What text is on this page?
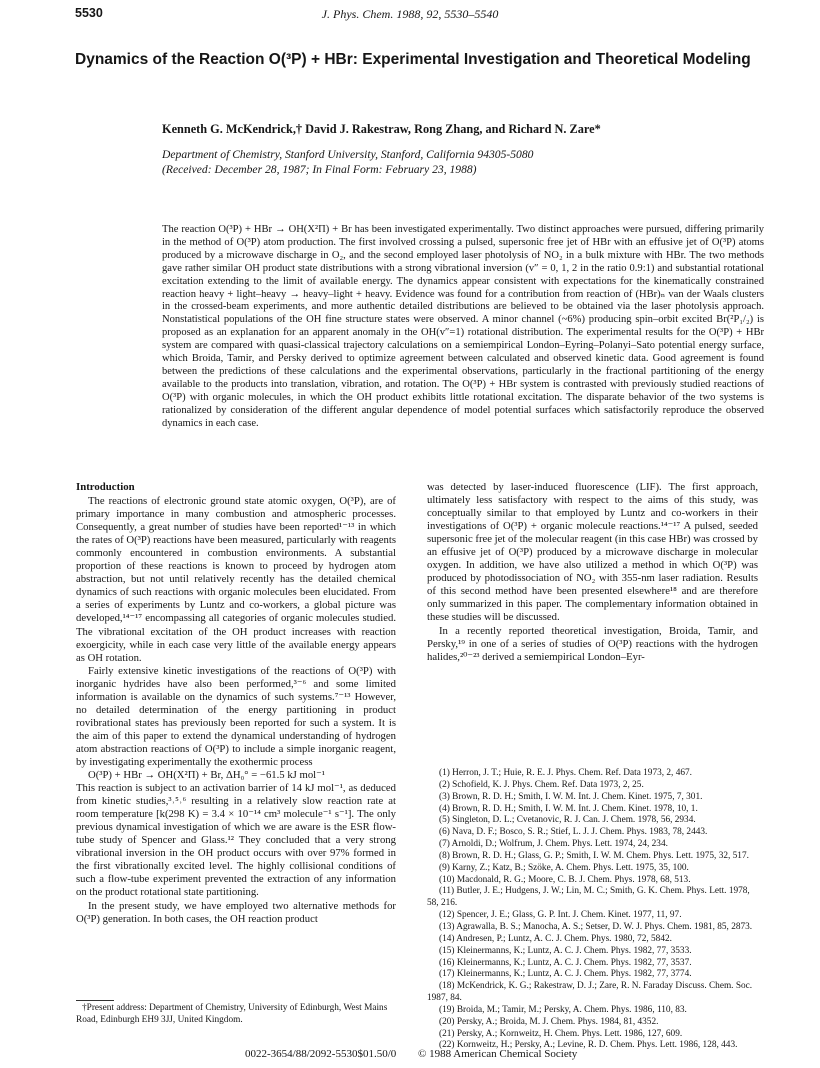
5530	J. Phys. Chem. 1988, 92, 5530–5540
Dynamics of the Reaction O(³P) + HBr: Experimental Investigation and Theoretical Modeling
Kenneth G. McKendrick,† David J. Rakestraw, Rong Zhang, and Richard N. Zare*
Department of Chemistry, Stanford University, Stanford, California 94305-5080
(Received: December 28, 1987; In Final Form: February 23, 1988)
The reaction O(³P) + HBr → OH(X²Π) + Br has been investigated experimentally. Two distinct approaches were pursued, differing primarily in the method of O(³P) atom production. The first involved crossing a pulsed, supersonic free jet of HBr with an effusive jet of O(³P) atoms produced by a microwave discharge in O₂, and the second employed laser photolysis of NO₂ in a bulk mixture with HBr. The two methods gave rather similar OH product state distributions with a strong vibrational inversion (v″ = 0, 1, 2 in the ratio 0.9:1) and substantial rotational excitation extending to the limit of available energy. The dynamics appear consistent with expectations for the kinematically constrained reaction heavy + light–heavy → heavy–light + heavy. Evidence was found for a contribution from reaction of (HBr)ₙ van der Waals clusters in the crossed-beam experiments, and more authentic detailed distributions are believed to be obtained via the laser photolysis approach. Nonstatistical populations of the OH fine structure states were observed. A minor channel (~6%) producing spin–orbit excited Br(²P₁/₂) is proposed as an explanation for an apparent anomaly in the OH(v″=1) rotational distribution. The experimental results for the O(³P) + HBr system are compared with quasi-classical trajectory calculations on a semiempirical London–Eyring–Polanyi–Sato potential energy surface, which Broida, Tamir, and Persky derived to optimize agreement between calculated and observed kinetic data. Good agreement is found between the predictions of these calculations and the experimental observations, particularly in the fractional partitioning of the energy available to the products into translation, vibration, and rotation. The O(³P) + HBr system is contrasted with previously studied reactions of O(³P) with organic molecules, in which the OH product exhibits little rotational excitation. The disparate behavior of the two systems is rationalized by consideration of the different angular dependence of model potential surfaces which satisfactorily reproduce the observed dynamics in each case.
Introduction

The reactions of electronic ground state atomic oxygen, O(³P), are of primary importance in many combustion and atmospheric processes. Consequently, a great number of studies have been reported¹⁻¹³ in which the rates of O(³P) reactions have been measured, particularly with reagents commonly encountered in combustion environments. A substantial proportion of these reactions is known to proceed by hydrogen atom abstraction, but not until relatively recently has the detailed chemical dynamics of such reactions with organic molecules been elucidated. From a series of experiments by Luntz and co-workers, a global picture was developed,¹⁴⁻¹⁷ encompassing all categories of organic molecules studied. The vibrational excitation of the OH product increases with reaction exoergicity, while in each case very little of the available energy appears as OH rotation.

Fairly extensive kinetic investigations of the reactions of O(³P) with inorganic hydrides have also been performed,³⁻⁶ and some limited information is available on the dynamics of such systems.⁷⁻¹³ However, no detailed determination of the energy partitioning in product rovibrational states has previously been reported for such a system. It is the aim of this paper to extend the dynamical understanding of hydrogen atom abstraction reactions of O(³P) to include a simple inorganic reagent, by investigating experimentally the exothermic process

O(³P) + HBr → OH(X²Π) + Br, ΔH₀° = −61.5 kJ mol⁻¹

This reaction is subject to an activation barrier of 14 kJ mol⁻¹, as deduced from kinetic studies,³˒⁵˒⁶ resulting in a relatively slow reaction rate at room temperature [k(298 K) = 3.4 × 10⁻¹⁴ cm³ molecule⁻¹ s⁻¹]. The only previous dynamical investigation of which we are aware is the ESR flow-tube study of Spencer and Glass.¹² They concluded that a very strong vibrational inversion in the OH product occurs with over 97% formed in the first vibrationally excited level. The highly collisional conditions of such a flow-tube experiment prevented the extraction of any information on the product rotational state partitioning.

In the present study, we have employed two alternative methods for O(³P) generation. In both cases, the OH reaction product

was detected by laser-induced fluorescence (LIF). The first approach, ultimately less satisfactory with respect to the aims of this study, was conceptually similar to that employed by Luntz and co-workers in their investigations of O(³P) + organic molecule reactions.¹⁴⁻¹⁷ A pulsed, seeded supersonic free jet of the molecular reagent (in this case HBr) was crossed by an effusive jet of O(³P) produced by a microwave discharge in molecular oxygen. In addition, we have also utilized a method in which O(³P) was produced by photodissociation of NO₂ with 355-nm laser radiation. Results of this second method have been presented elsewhere¹⁸ and are therefore only summarized in this paper. The complementary information obtained in these studies will be discussed.

In a recently reported theoretical investigation, Broida, Tamir, and Persky,¹⁹ in one of a series of studies of O(³P) reactions with the hydrogen halides,²⁰⁻²³ derived a semiempirical London–Eyr-

(1) Herron, J. T.; Huie, R. E. J. Phys. Chem. Ref. Data 1973, 2, 467.
(2) Schofield, K. J. Phys. Chem. Ref. Data 1973, 2, 25.
(3) Brown, R. D. H.; Smith, I. W. M. Int. J. Chem. Kinet. 1975, 7, 301.
(4) Brown, R. D. H.; Smith, I. W. M. Int. J. Chem. Kinet. 1978, 10, 1.
(5) Singleton, D. L.; Cvetanovic, R. J. Can. J. Chem. 1978, 56, 2934.
(6) Nava, D. F.; Bosco, S. R.; Stief, L. J. J. Chem. Phys. 1983, 78, 2443.
(7) Arnoldi, D.; Wolfrum, J. Chem. Phys. Lett. 1974, 24, 234.
(8) Brown, R. D. H.; Glass, G. P.; Smith, I. W. M. Chem. Phys. Lett. 1975, 32, 517.
(9) Karny, Z.; Katz, B.; Szöke, A. Chem. Phys. Lett. 1975, 35, 100.
(10) Macdonald, R. G.; Moore, C. B. J. Chem. Phys. 1978, 68, 513.
(11) Butler, J. E.; Hudgens, J. W.; Lin, M. C.; Smith, G. K. Chem. Phys. Lett. 1978, 58, 216.
(12) Spencer, J. E.; Glass, G. P. Int. J. Chem. Kinet. 1977, 11, 97.
(13) Agrawalla, B. S.; Manocha, A. S.; Setser, D. W. J. Phys. Chem. 1981, 85, 2873.
(14) Andresen, P.; Luntz, A. C. J. Chem. Phys. 1980, 72, 5842.
(15) Kleinermanns, K.; Luntz, A. C. J. Chem. Phys. 1982, 77, 3533.
(16) Kleinermanns, K.; Luntz, A. C. J. Chem. Phys. 1982, 77, 3537.
(17) Kleinermanns, K.; Luntz, A. C. J. Chem. Phys. 1982, 77, 3774.
(18) McKendrick, K. G.; Rakestraw, D. J.; Zare, R. N. Faraday Discuss. Chem. Soc. 1987, 84.
(19) Broida, M.; Tamir, M.; Persky, A. Chem. Phys. 1986, 110, 83.
(20) Persky, A.; Broida, M. J. Chem. Phys. 1984, 81, 4352.
(21) Persky, A.; Kornweitz, H. Chem. Phys. Lett. 1986, 127, 609.
(22) Kornweitz, H.; Persky, A.; Levine, R. D. Chem. Phys. Lett. 1986, 128, 443.
†Present address: Department of Chemistry, University of Edinburgh, West Mains Road, Edinburgh EH9 3JJ, United Kingdom.
0022-3654/88/2092-5530$01.50/0	© 1988 American Chemical Society
